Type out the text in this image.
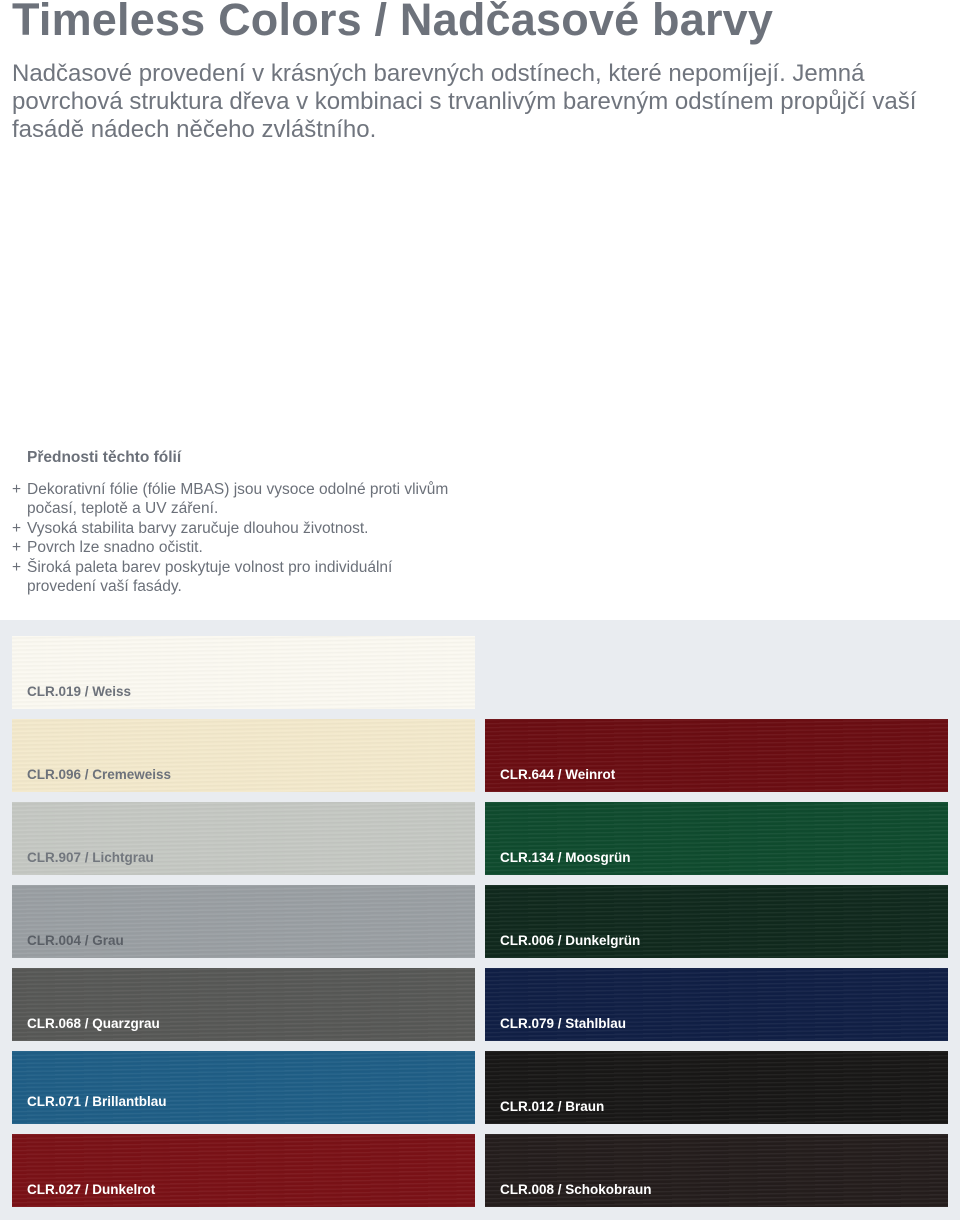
Timeless Colors / Nadčasové barvy

Nadčasové provedení v krásných barevných odstínech, které nepomíjejí. Jemná povrchová struktura dřeva v kombinaci s trvanlivým barevným odstínem propůjčí vaší fasádě nádech něčeho zvláštního.

Přednosti těchto fólií
+ Dekorativní fólie (fólie MBAS) jsou vysoce odolné proti vlivům počasí, teplotě a UV záření.
+ Vysoká stabilita barvy zaručuje dlouhou životnost.
+ Povrch lze snadno očistit.
+ Široká paleta barev poskytuje volnost pro individuální provedení vaší fasády.
CLR.019 / Weiss
CLR.096 / Cremeweiss	CLR.644 / Weinrot
CLR.907 / Lichtgrau	CLR.134 / Moosgrün
CLR.004 / Grau	CLR.006 / Dunkelgrün
CLR.068 / Quarzgrau	CLR.079 / Stahlblau
CLR.071 / Brillantblau	CLR.012 / Braun
CLR.027 / Dunkelrot	CLR.008 / Schokobraun
